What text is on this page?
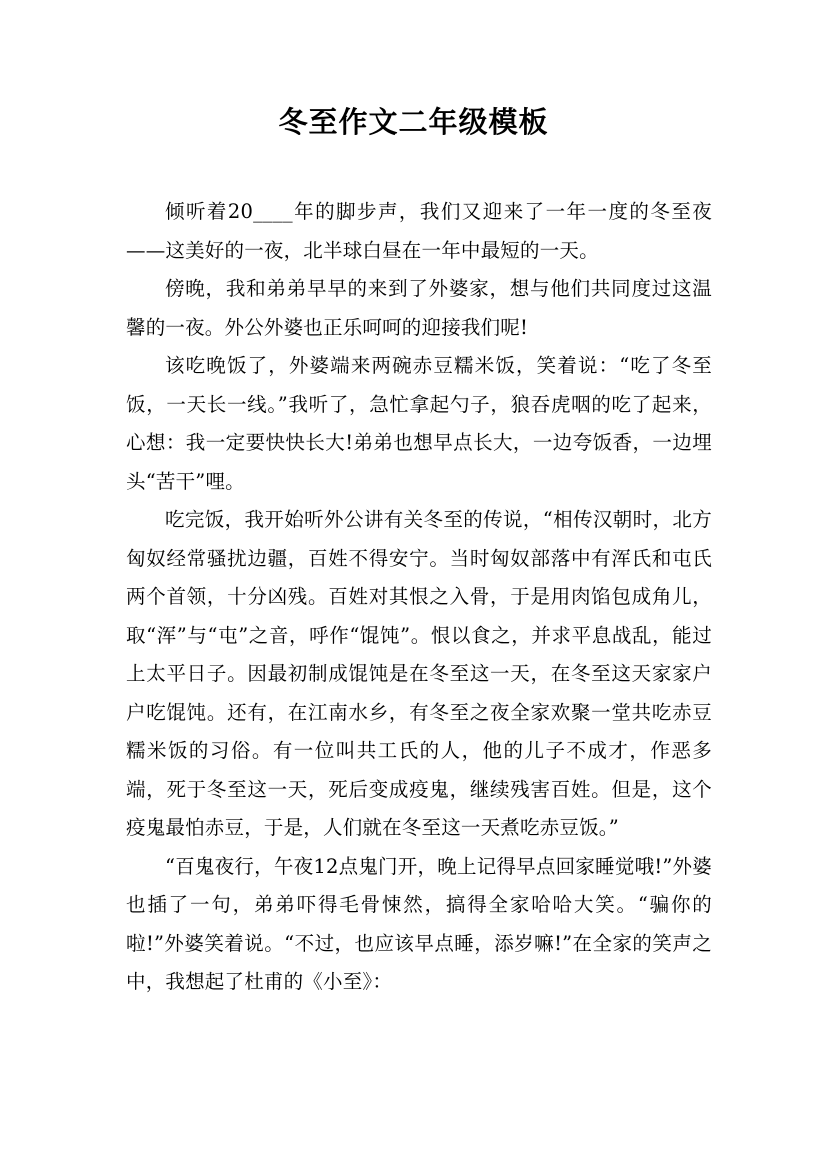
冬至作文二年级模板

倾听着20____年的脚步声，我们又迎来了一年一度的冬至夜——这美好的一夜，北半球白昼在一年中最短的一天。

傍晚，我和弟弟早早的来到了外婆家，想与他们共同度过这温馨的一夜。外公外婆也正乐呵呵的迎接我们呢!

该吃晚饭了，外婆端来两碗赤豆糯米饭，笑着说：“吃了冬至饭，一天长一线。”我听了，急忙拿起勺子，狼吞虎咽的吃了起来，心想：我一定要快快长大!弟弟也想早点长大，一边夸饭香，一边埋头“苦干”哩。

吃完饭，我开始听外公讲有关冬至的传说，“相传汉朝时，北方匈奴经常骚扰边疆，百姓不得安宁。当时匈奴部落中有浑氏和屯氏两个首领，十分凶残。百姓对其恨之入骨，于是用肉馅包成角儿，取“浑”与“屯”之音，呼作“馄饨”。恨以食之，并求平息战乱，能过上太平日子。因最初制成馄饨是在冬至这一天，在冬至这天家家户户吃馄饨。还有，在江南水乡，有冬至之夜全家欢聚一堂共吃赤豆糯米饭的习俗。有一位叫共工氏的人，他的儿子不成才，作恶多端，死于冬至这一天，死后变成疫鬼，继续残害百姓。但是，这个疫鬼最怕赤豆，于是，人们就在冬至这一天煮吃赤豆饭。”

“百鬼夜行，午夜12点鬼门开，晚上记得早点回家睡觉哦!”外婆也插了一句，弟弟吓得毛骨悚然，搞得全家哈哈大笑。“骗你的啦!”外婆笑着说。“不过，也应该早点睡，添岁嘛!”在全家的笑声之中，我想起了杜甫的《小至》：
